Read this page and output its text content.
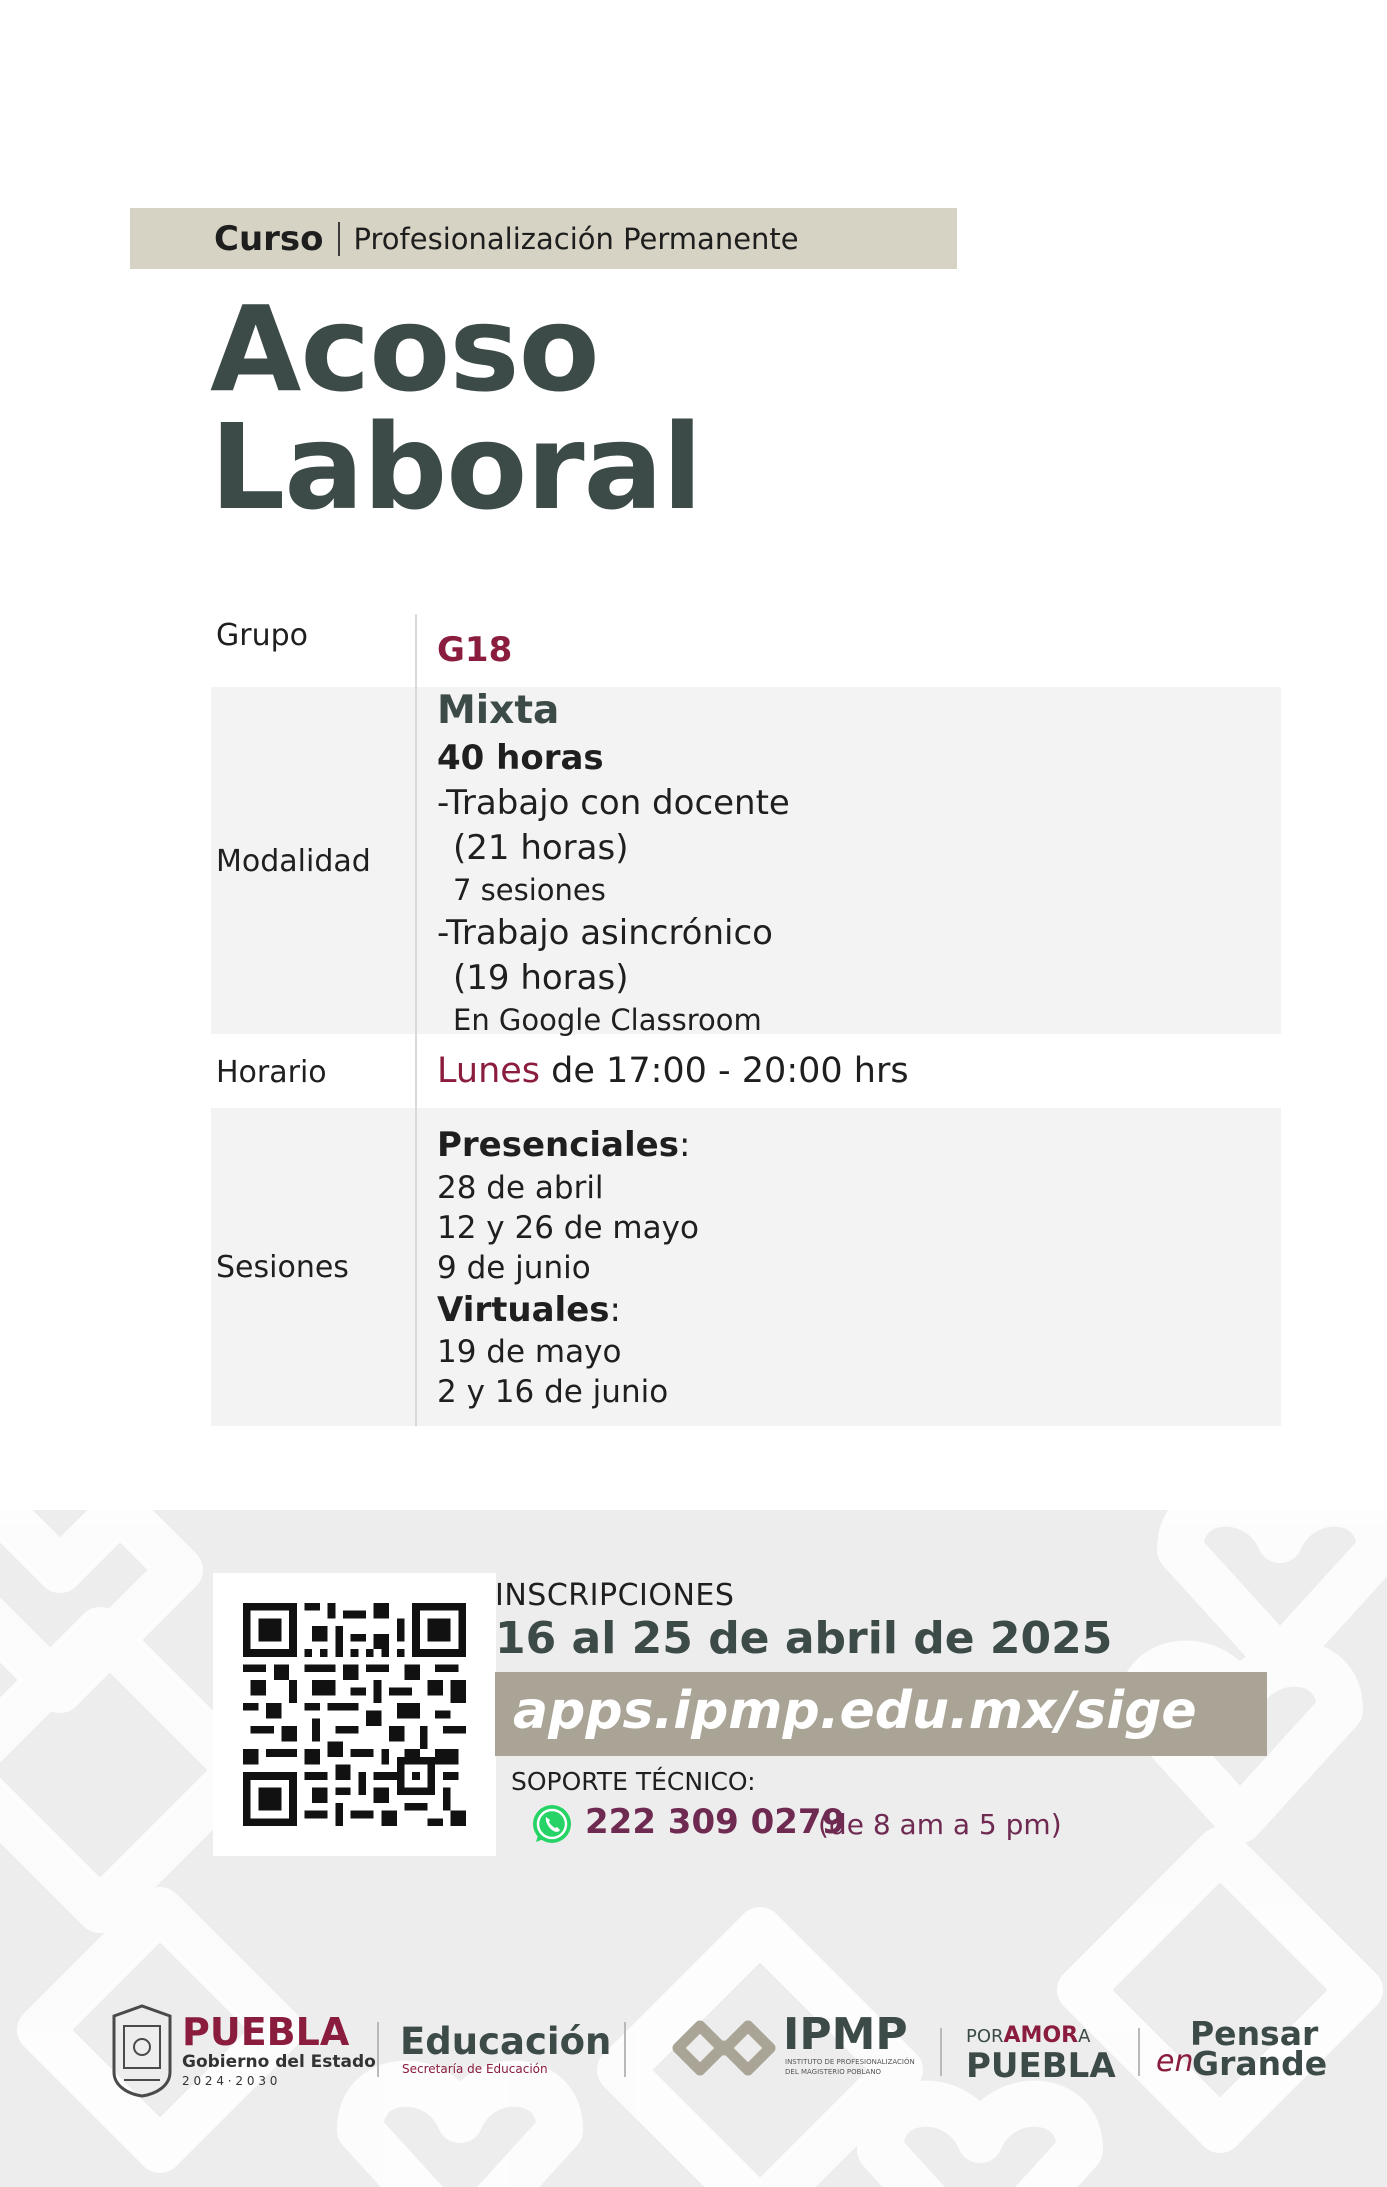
Curso Profesionalización Permanente
Acoso
Laboral
Grupo	G18
Modalidad
Mixta
40 horas
-Trabajo con docente
(21 horas)
7 sesiones
-Trabajo asincrónico
(19 horas)
En Google Classroom
Horario	Lunes de 17:00 - 20:00 hrs
Sesiones
Presenciales:
28 de abril
12 y 26 de mayo
9 de junio
Virtuales:
19 de mayo
2 y 16 de junio
INSCRIPCIONES
16 al 25 de abril de 2025
apps.ipmp.edu.mx/sige
SOPORTE TÉCNICO:
222 309 0279
(de 8 am a 5 pm)
PUEBLA
Gobierno del Estado
2 0 2 4 · 2 0 3 0
Educación
Secretaría de Educación
IPMP
INSTITUTO DE PROFESIONALIZACIÓN
DEL MAGISTERIO POBLANO
PORAMORA
PUEBLA
Pensar
en
Grande
